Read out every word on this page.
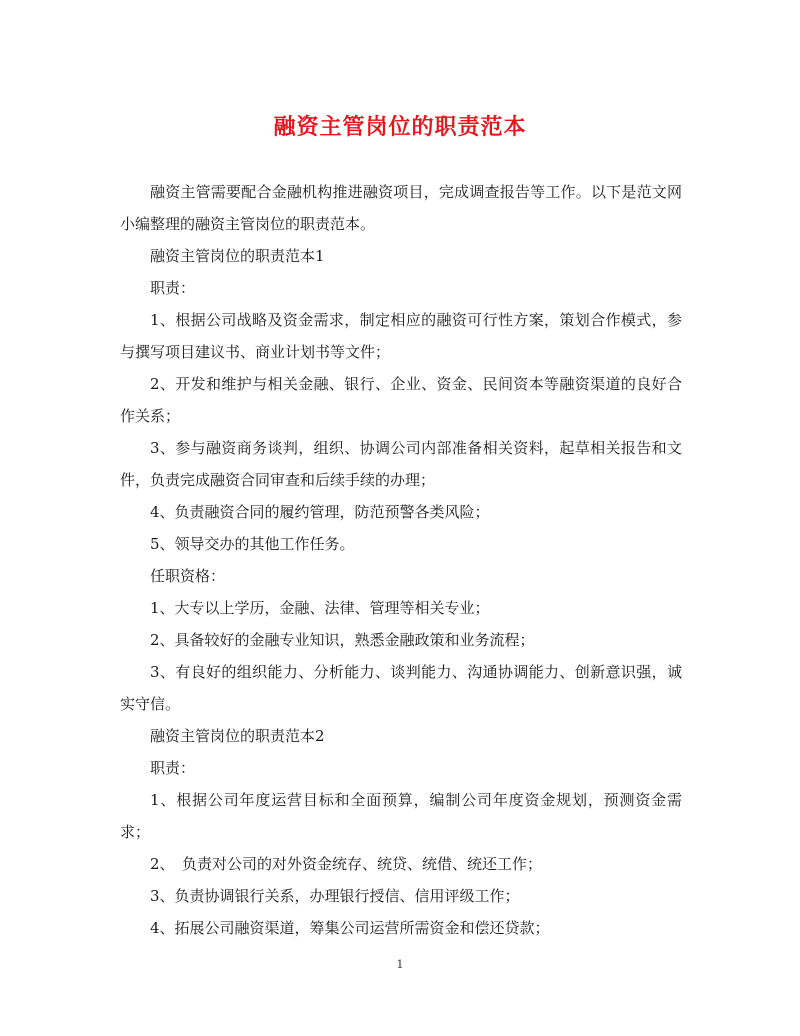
融资主管岗位的职责范本

融资主管需要配合金融机构推进融资项目，完成调查报告等工作。以下是范文网小编整理的融资主管岗位的职责范本。

融资主管岗位的职责范本1

职责：

1、根据公司战略及资金需求，制定相应的融资可行性方案，策划合作模式，参与撰写项目建议书、商业计划书等文件；

2、开发和维护与相关金融、银行、企业、资金、民间资本等融资渠道的良好合作关系；

3、参与融资商务谈判，组织、协调公司内部准备相关资料，起草相关报告和文件，负责完成融资合同审查和后续手续的办理；

4、负责融资合同的履约管理，防范预警各类风险；

5、领导交办的其他工作任务。

任职资格：

1、大专以上学历，金融、法律、管理等相关专业；

2、具备较好的金融专业知识，熟悉金融政策和业务流程；

3、有良好的组织能力、分析能力、谈判能力、沟通协调能力、创新意识强，诚实守信。

融资主管岗位的职责范本2

职责：

1、根据公司年度运营目标和全面预算，编制公司年度资金规划，预测资金需求；

2、　负责对公司的对外资金统存、统贷、统借、统还工作；

3、负责协调银行关系，办理银行授信、信用评级工作；

4、拓展公司融资渠道，筹集公司运营所需资金和偿还贷款；

1
